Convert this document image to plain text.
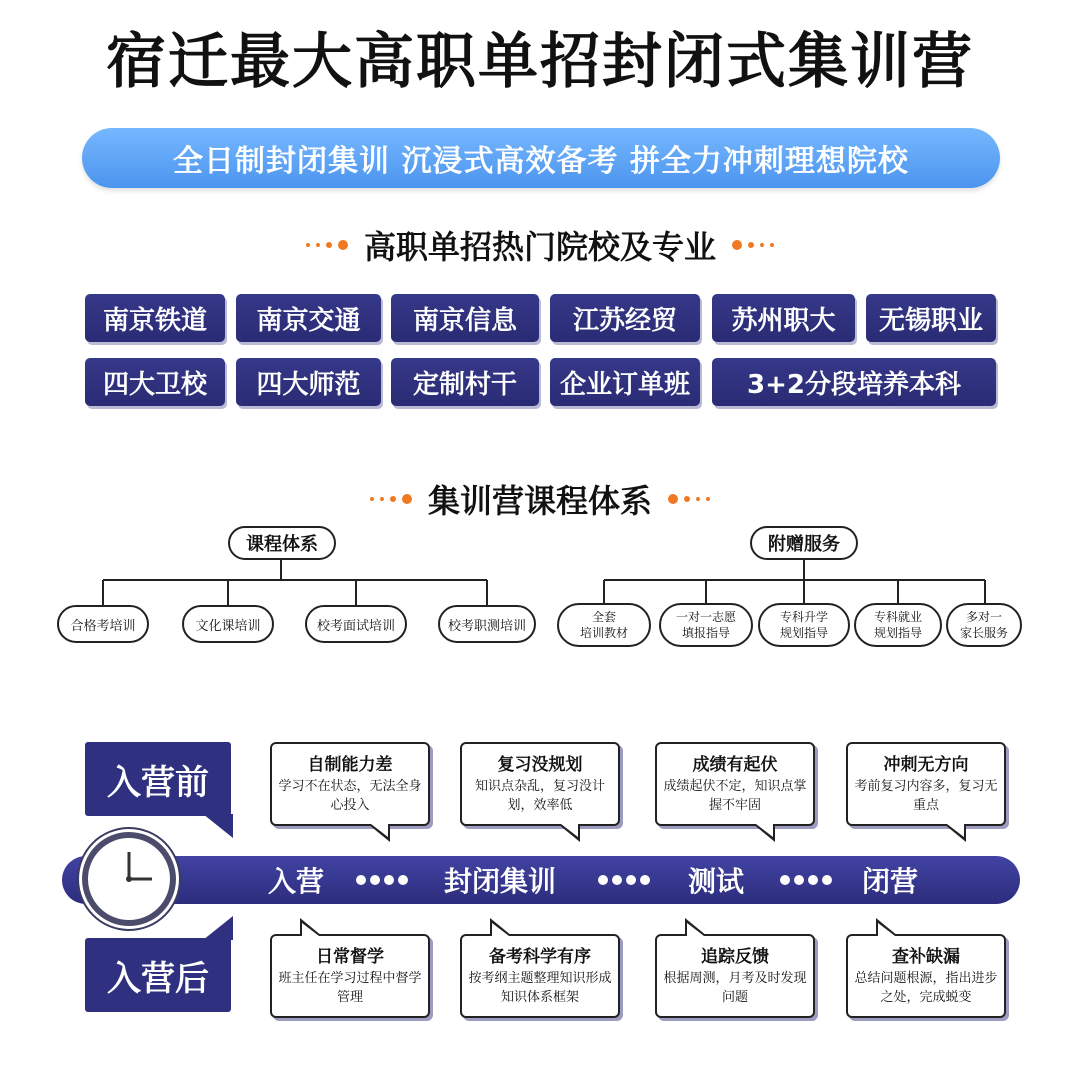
宿迁最大高职单招封闭式集训营
全日制封闭集训 沉浸式高效备考 拼全力冲刺理想院校
高职单招热门院校及专业
南京铁道	南京交通	南京信息	江苏经贸	苏州职大	无锡职业
四大卫校	四大师范	定制村干	企业订单班	3+2分段培养本科
集训营课程体系
课程体系	附赠服务
合格考培训	文化课培训	校考面试培训	校考职测培训
全套
培训教材
一对一志愿
填报指导
专科升学
规划指导
专科就业
规划指导
多对一
家长服务
入营前
入营后
入营	封闭集训	测试	闭营
自制能力差
学习不在状态，无法全身心投入
复习没规划
知识点杂乱，复习没计划，效率低
成绩有起伏
成绩起伏不定，知识点掌握不牢固
冲刺无方向
考前复习内容多，复习无重点
日常督学
班主任在学习过程中督学管理
备考科学有序
按考纲主题整理知识形成知识体系框架
追踪反馈
根据周测，月考及时发现问题
查补缺漏
总结问题根源，指出进步之处，完成蜕变
